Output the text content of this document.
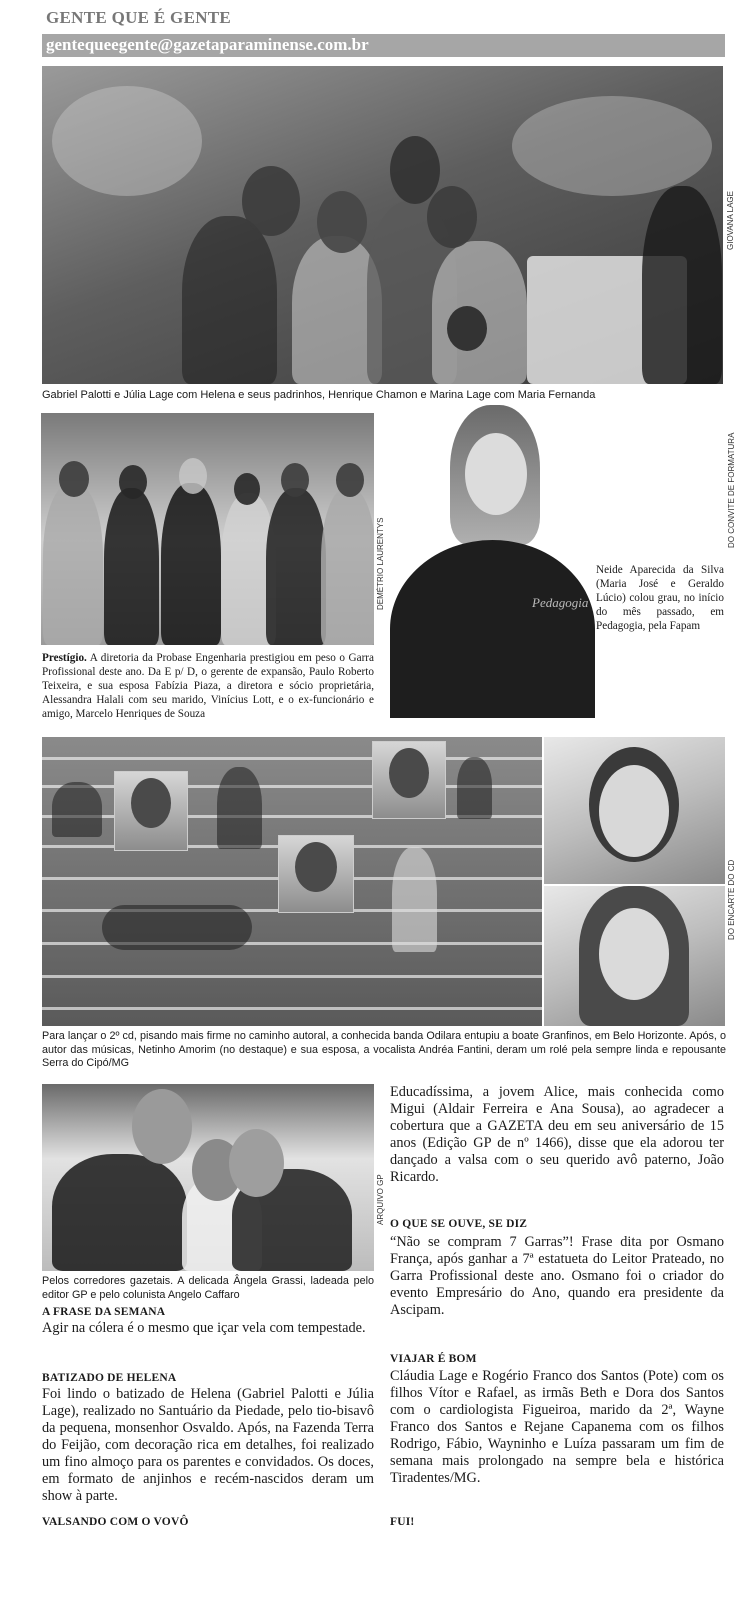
GENTE QUE É GENTE
gentequeegente@gazetaparaminense.com.br
GIOVANA LAGE
Gabriel Palotti e Júlia Lage com Helena e seus padrinhos, Henrique Chamon e Marina Lage com Maria Fernanda
DEMÉTRIO LAURENTYS
Prestígio. A diretoria da Probase Engenharia prestigiou em peso o Garra Profissional deste ano. Da E p/ D, o gerente de expansão, Paulo Roberto Teixeira, e sua esposa Fabízia Piaza, a diretora e sócio proprietária, Alessandra Halali com seu marido, Vinícius Lott, e o ex-funcionário e amigo, Marcelo Henriques de Souza
Pedagogia
DO CONVITE DE FORMATURA
Neide Aparecida da Silva (Maria José e Geraldo Lúcio) colou grau, no início do mês passado, em Pedagogia, pela Fapam
DO ENCARTE DO CD
Para lançar o 2º cd, pisando mais firme no caminho autoral, a conhecida banda Odilara entupiu a boate Granfinos, em Belo Horizonte. Após, o autor das músicas, Netinho Amorim (no destaque) e sua esposa, a vocalista Andréa Fantini, deram um rolé pela sempre linda e repousante Serra do Cipó/MG
ARQUIVO GP
Pelos corredores gazetais. A delicada Ângela Grassi, ladeada pelo editor GP e pelo colunista Angelo Caffaro
A FRASE DA SEMANA
Agir na cólera é o mesmo que içar vela com tempestade.
BATIZADO DE HELENA
Foi lindo o batizado de Helena (Gabriel Palotti e Júlia Lage), realizado no Santuário da Piedade, pelo tio-bisavô da pequena, monsenhor Osvaldo. Após, na Fazenda Terra do Feijão, com decoração rica em detalhes, foi realizado um fino almoço para os parentes e convidados. Os doces, em formato de anjinhos e recém-nascidos deram um show à parte.
VALSANDO COM O VOVÔ
Educadíssima, a jovem Alice, mais conhecida como Migui (Aldair Ferreira e Ana Sousa), ao agradecer a cobertura que a GAZETA deu em seu aniversário de 15 anos (Edição GP de nº 1466), disse que ela adorou ter dançado a valsa com o seu querido avô paterno, João Ricardo.
O QUE SE OUVE, SE DIZ
“Não se compram 7 Garras”! Frase dita por Osmano França, após ganhar a 7ª estatueta do Leitor Prateado, no Garra Profissional deste ano. Osmano foi o criador do evento Empresário do Ano, quando era presidente da Ascipam.
VIAJAR É BOM
Cláudia Lage e Rogério Franco dos Santos (Pote) com os filhos Vítor e Rafael, as irmãs Beth e Dora dos Santos com o cardiologista Figueiroa, marido da 2ª, Wayne Franco dos Santos e Rejane Capanema com os filhos Rodrigo, Fábio, Wayninho e Luíza passaram um fim de semana mais prolongado na sempre bela e histórica Tiradentes/MG.
FUI!
